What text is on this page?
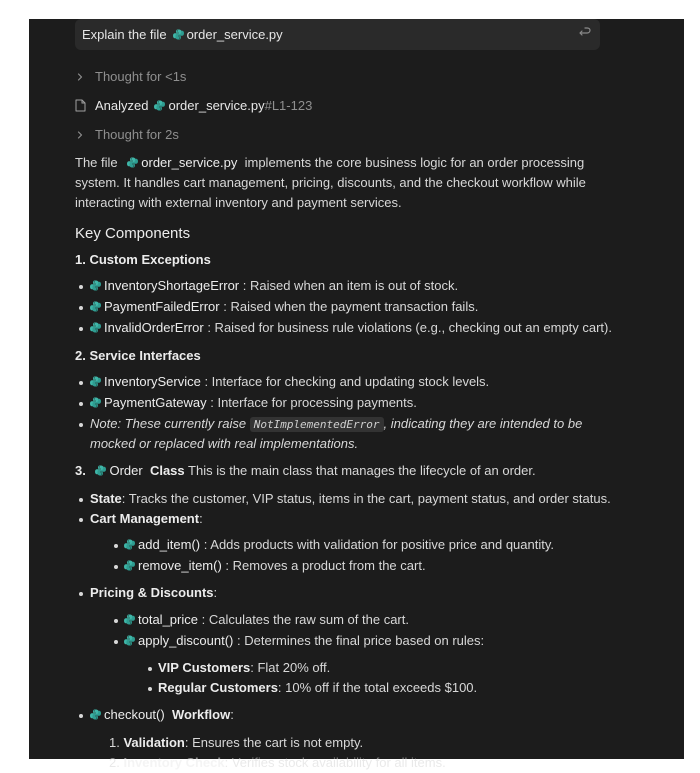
Explain the file order_service.py
Thought for <1s
Analyzed order_service.py #L1-123
Thought for 2s
The file order_service.py implements the core business logic for an order processing
system. It handles cart management, pricing, discounts, and the checkout workflow while
interacting with external inventory and payment services.
Key Components
1. Custom Exceptions
InventoryShortageError : Raised when an item is out of stock.
PaymentFailedError : Raised when the payment transaction fails.
InvalidOrderError : Raised for business rule violations (e.g., checking out an empty cart).
2. Service Interfaces
InventoryService : Interface for checking and updating stock levels.
PaymentGateway : Interface for processing payments.
Note: These currently raise NotImplementedError , indicating they are intended to be
mocked or replaced with real implementations.
3. Order Class This is the main class that manages the lifecycle of an order.
State: Tracks the customer, VIP status, items in the cart, payment status, and order status.
Cart Management:
add_item() : Adds products with validation for positive price and quantity.
remove_item() : Removes a product from the cart.
Pricing & Discounts:
total_price : Calculates the raw sum of the cart.
apply_discount() : Determines the final price based on rules:
VIP Customers: Flat 20% off.
Regular Customers: 10% off if the total exceeds $100.
checkout() Workflow:
1. Validation: Ensures the cart is not empty.
2. Inventory Check: Verifies stock availability for all items.
